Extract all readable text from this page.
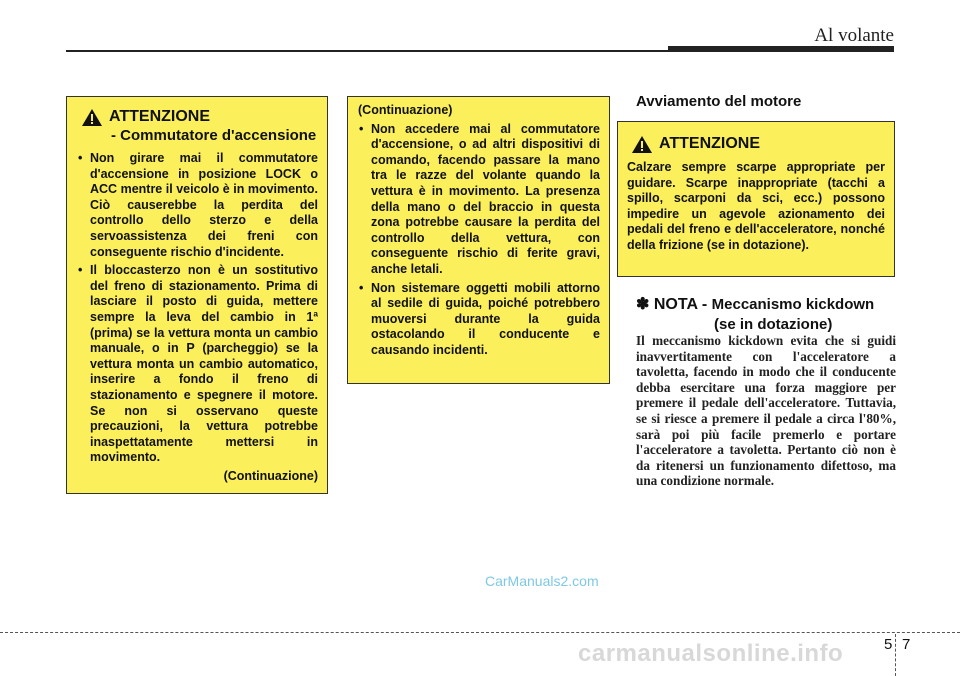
Al volante
ATTENZIONE
- Commutatore d'accensione
• Non girare mai il commutatore d'accensione in posizione LOCK o ACC mentre il veicolo è in movimento. Ciò causerebbe la perdita del controllo dello sterzo e della servoassistenza dei freni con conseguente rischio d'incidente.
• Il bloccasterzo non è un sostitutivo del freno di stazionamento. Prima di lasciare il posto di guida, mettere sempre la leva del cambio in 1ª (prima) se la vettura monta un cambio manuale, o in P (parcheggio) se la vettura monta un cambio automatico, inserire a fondo il freno di stazionamento e spegnere il motore. Se non si osservano queste precauzioni, la vettura potrebbe inaspettatamente mettersi in movimento.
(Continuazione)
(Continuazione)
• Non accedere mai al commutatore d'accensione, o ad altri dispositivi di comando, facendo passare la mano tra le razze del volante quando la vettura è in movimento. La presenza della mano o del braccio in questa zona potrebbe causare la perdita del controllo della vettura, con conseguente rischio di ferite gravi, anche letali.
• Non sistemare oggetti mobili attorno al sedile di guida, poiché potrebbero muoversi durante la guida ostacolando il conducente e causando incidenti.
Avviamento del motore
ATTENZIONE
Calzare sempre scarpe appropriate per guidare. Scarpe inappropriate (tacchi a spillo, scarponi da sci, ecc.) possono impedire un agevole azionamento dei pedali del freno e dell'acceleratore, nonché della frizione (se in dotazione).
✽ NOTA - Meccanismo kickdown
(se in dotazione)
Il meccanismo kickdown evita che si guidi inavvertitamente con l'acceleratore a tavoletta, facendo in modo che il conducente debba esercitare una forza maggiore per premere il pedale dell'acceleratore. Tuttavia, se si riesce a premere il pedale a circa l'80%, sarà poi più facile premerlo e portare l'acceleratore a tavoletta. Pertanto ciò non è da ritenersi un funzionamento difettoso, ma una condizione normale.
CarManuals2.com
5 7
carmanualsonline.info
